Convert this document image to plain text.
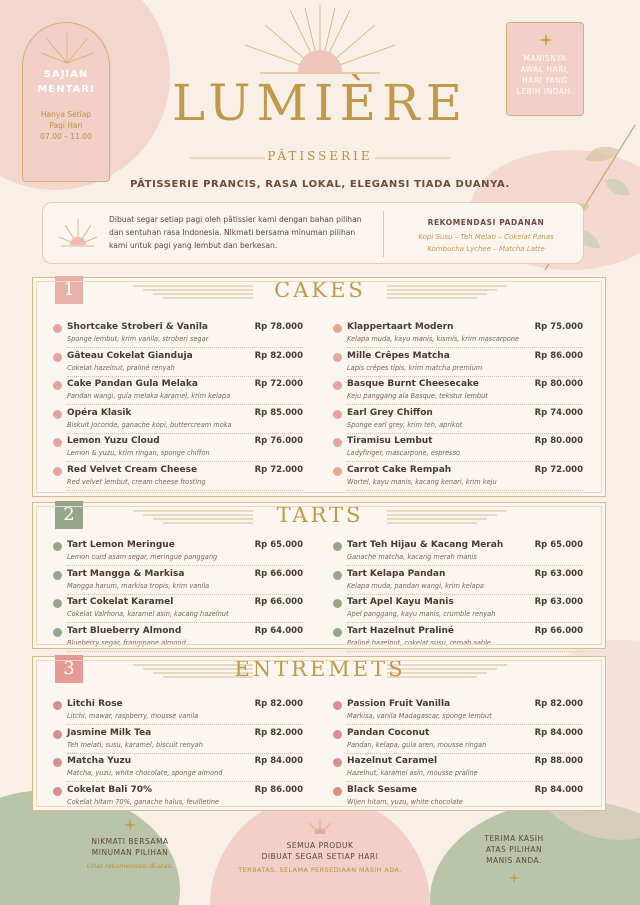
SAJIAN
MENTARI
Hanya Setiap
Pagi Hari
07.00 – 11.00
MANISNYA
AWAL HARI,
HARI YANG
LEBIH INDAH.
LUMIÈRE
PÂTISSERIE
PÂTISSERIE PRANCIS, RASA LOKAL, ELEGANSI TIADA DUANYA.
Dibuat segar setiap pagi oleh pâtissier kami dengan bahan pilihan dan sentuhan rasa Indonesia. Nikmati bersama minuman pilihan kami untuk pagi yang lembut dan berkesan.
REKOMENDASI PADANAN
Kopi Susu – Teh Melati – Cokelat Panas
Kombucha Lychee – Matcha Latte
1	CAKES
Shortcake Stroberi & Vanila	Rp 78.000
Sponge lembut, krim vanila, stroberi segar
Klappertaart Modern	Rp 75.000
Kelapa muda, kayu manis, kismis, krim mascarpone
Gâteau Cokelat Gianduja	Rp 82.000
Cokelat hazelnut, praliné renyah
Mille Crêpes Matcha	Rp 86.000
Lapis crêpes tipis, krim matcha premium
Cake Pandan Gula Melaka	Rp 72.000
Pandan wangi, gula melaka karamel, krim kelapa
Basque Burnt Cheesecake	Rp 80.000
Keju panggang ala Basque, tekstur lembut
Opéra Klasik	Rp 85.000
Biskuit Joconde, ganache kopi, buttercream moka
Earl Grey Chiffon	Rp 74.000
Sponge earl grey, krim teh, aprikot
Lemon Yuzu Cloud	Rp 76.000
Lemon & yuzu, krim ringan, sponge chiffon
Tiramisu Lembut	Rp 80.000
Ladyfinger, mascarpone, espresso
Red Velvet Cream Cheese	Rp 72.000
Red velvet lembut, cream cheese frosting
Carrot Cake Rempah	Rp 72.000
Wortel, kayu manis, kacang kenari, krim keju
2	TARTS
Tart Lemon Meringue	Rp 65.000
Lemon curd asam segar, meringue panggang
Tart Teh Hijau & Kacang Merah	Rp 65.000
Ganache matcha, kacang merah manis
Tart Mangga & Markisa	Rp 66.000
Mangga harum, markisa tropis, krim vanila
Tart Kelapa Pandan	Rp 63.000
Kelapa muda, pandan wangi, krim kelapa
Tart Cokelat Karamel	Rp 66.000
Cokelat Valrhona, karamel asin, kacang hazelnut
Tart Apel Kayu Manis	Rp 63.000
Apel panggang, kayu manis, crumble renyah
Tart Blueberry Almond	Rp 64.000
Blueberry segar, frangipane almond
Tart Hazelnut Praliné	Rp 66.000
Praliné hazelnut, cokelat susu, remah sable
3	ENTREMETS
Litchi Rose	Rp 82.000
Litchi, mawar, raspberry, mousse vanila
Passion Fruit Vanilla	Rp 82.000
Markisa, vanila Madagascar, sponge lembut
Jasmine Milk Tea	Rp 82.000
Teh melati, susu, karamel, biscuit renyah
Pandan Coconut	Rp 84.000
Pandan, kelapa, gula aren, mousse ringan
Matcha Yuzu	Rp 84.000
Matcha, yuzu, white chocolate, sponge almond
Hazelnut Caramel	Rp 88.000
Hazelnut, karamel asin, mousse praline
Cokelat Bali 70%	Rp 86.000
Cokelat hitam 70%, ganache halus, feuilletine
Black Sesame	Rp 84.000
Wijen hitam, yuzu, white chocolate
NIKMATI BERSAMA
MINUMAN PILIHAN
Lihat rekomendasi di atas.
SEMUA PRODUK
DIBUAT SEGAR SETIAP HARI
TERBATAS, SELAMA PERSEDIAAN MASIH ADA.
TERIMA KASIH
ATAS PILIHAN
MANIS ANDA.
